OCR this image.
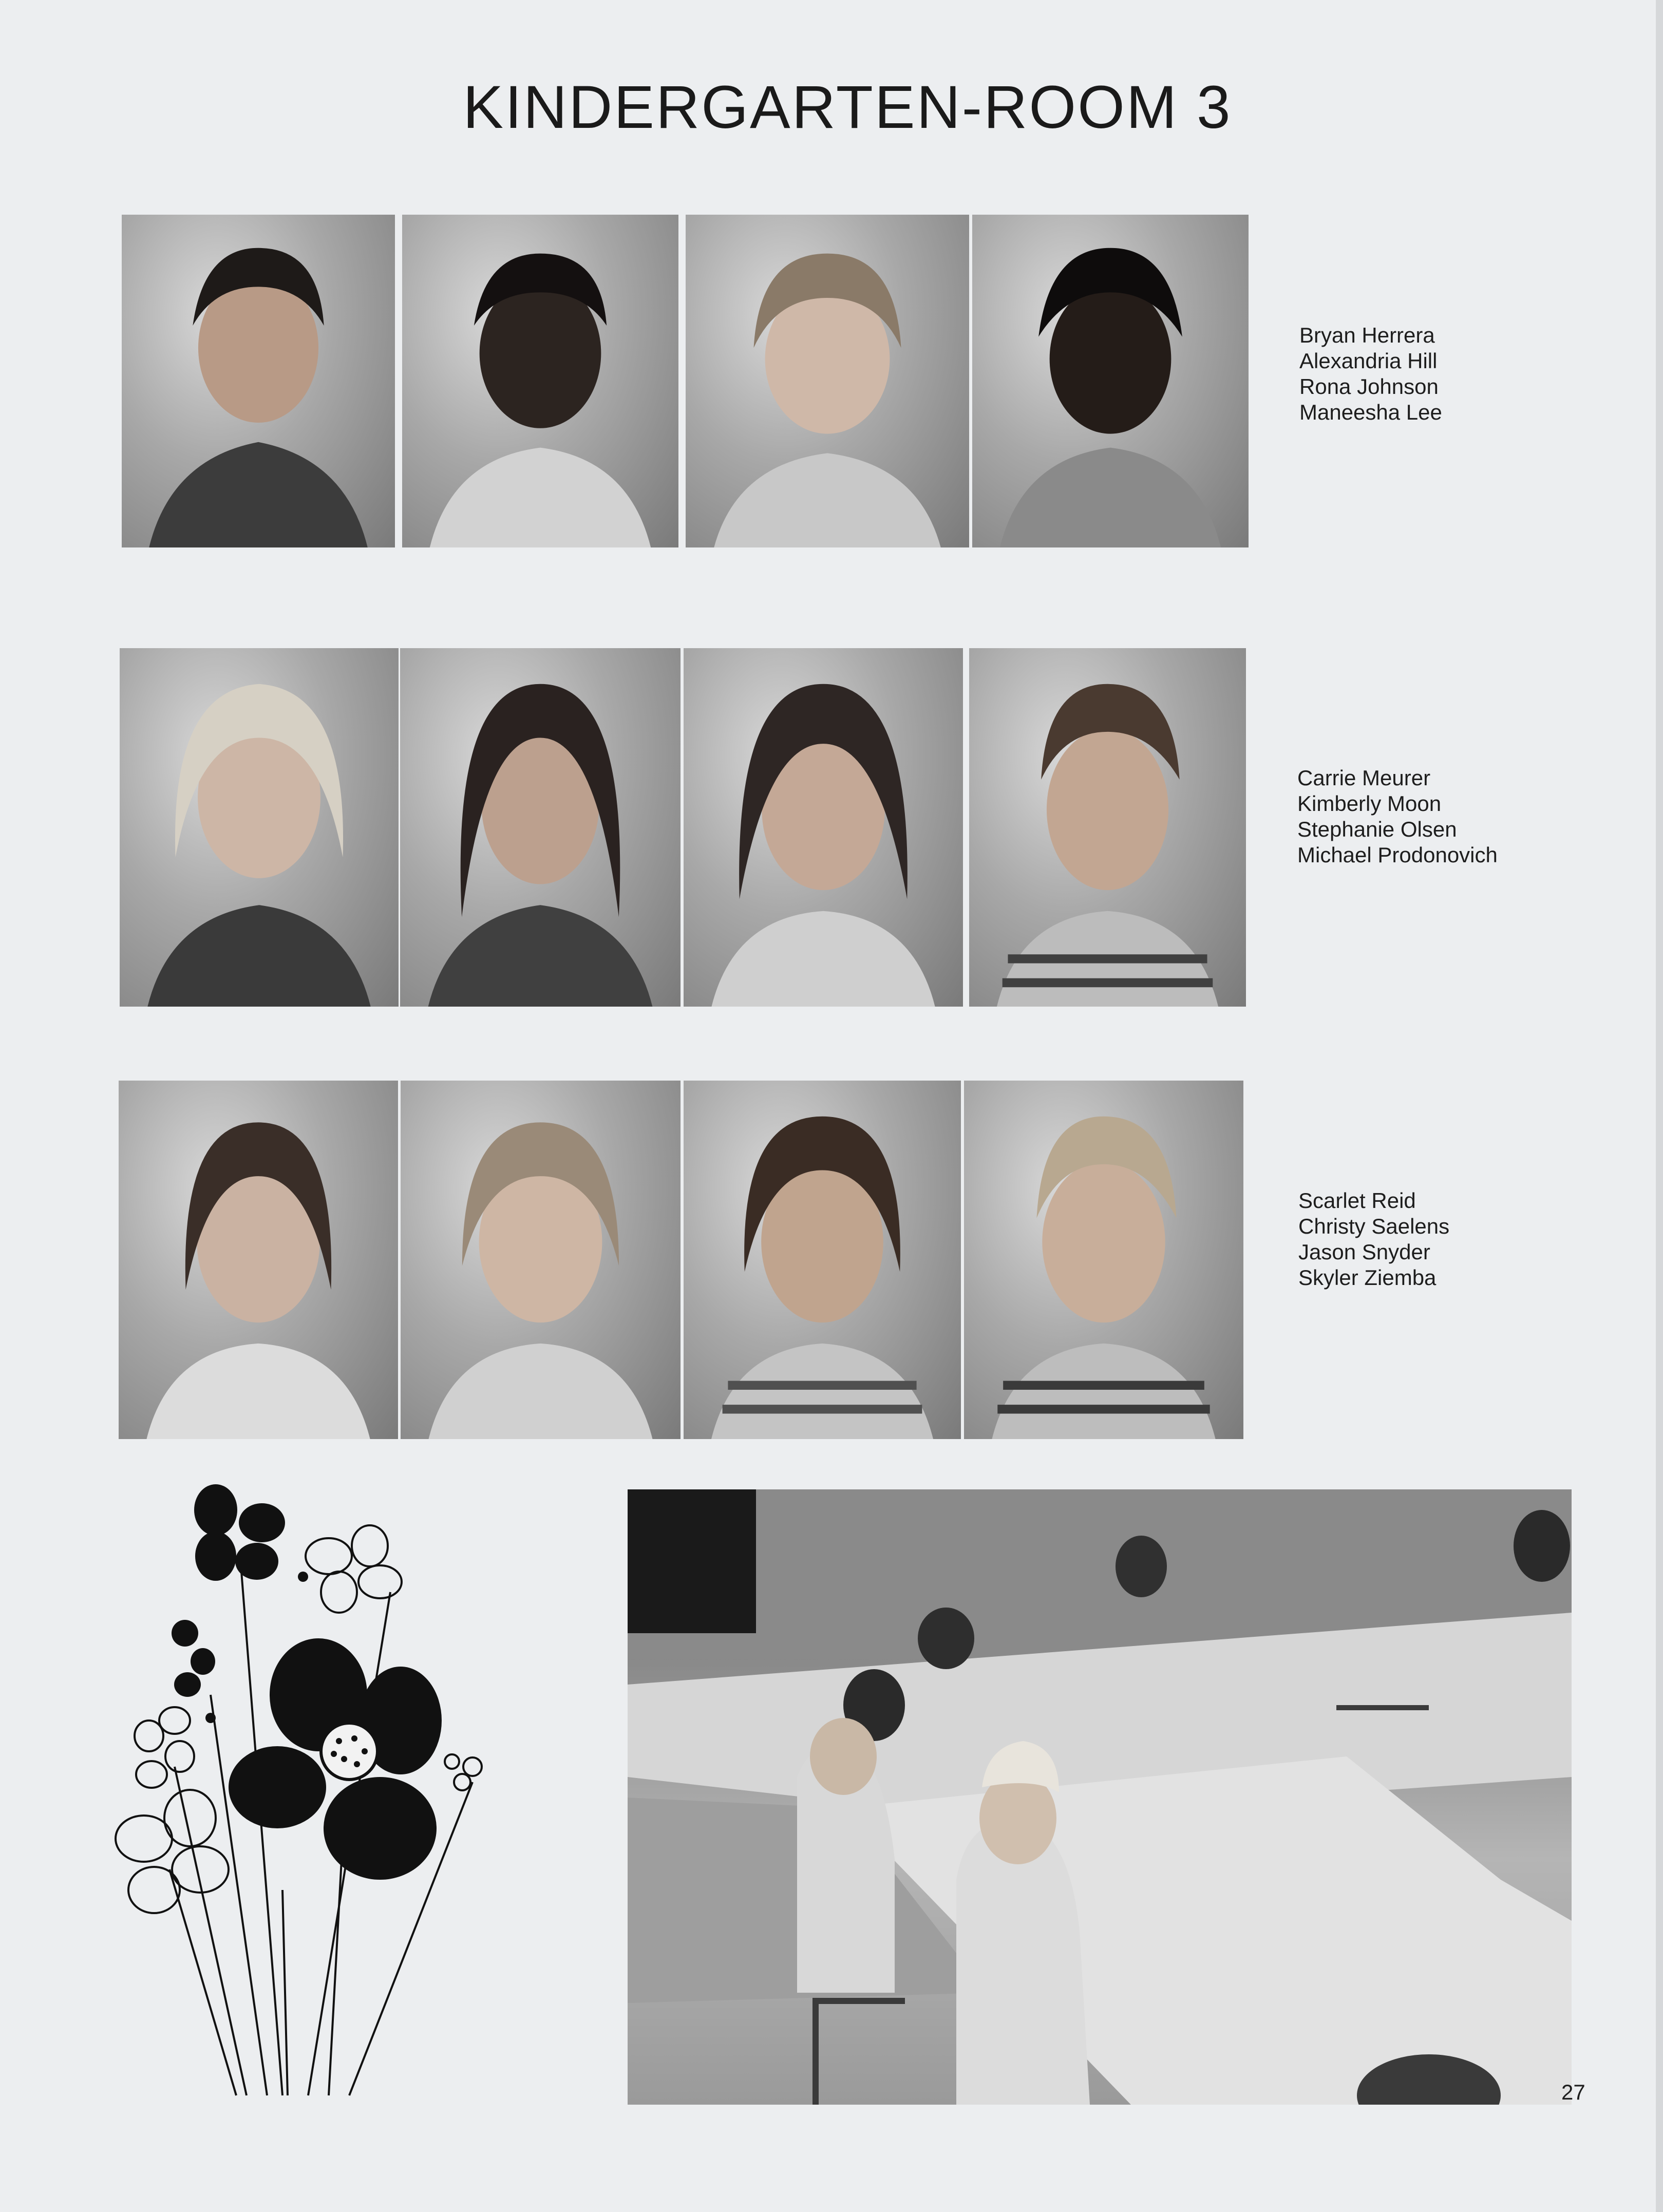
KINDERGARTEN-ROOM 3
Bryan Herrera
Alexandria Hill
Rona Johnson
Maneesha Lee
Carrie Meurer
Kimberly Moon
Stephanie Olsen
Michael Prodonovich
Scarlet Reid
Christy Saelens
Jason Snyder
Skyler Ziemba
27
